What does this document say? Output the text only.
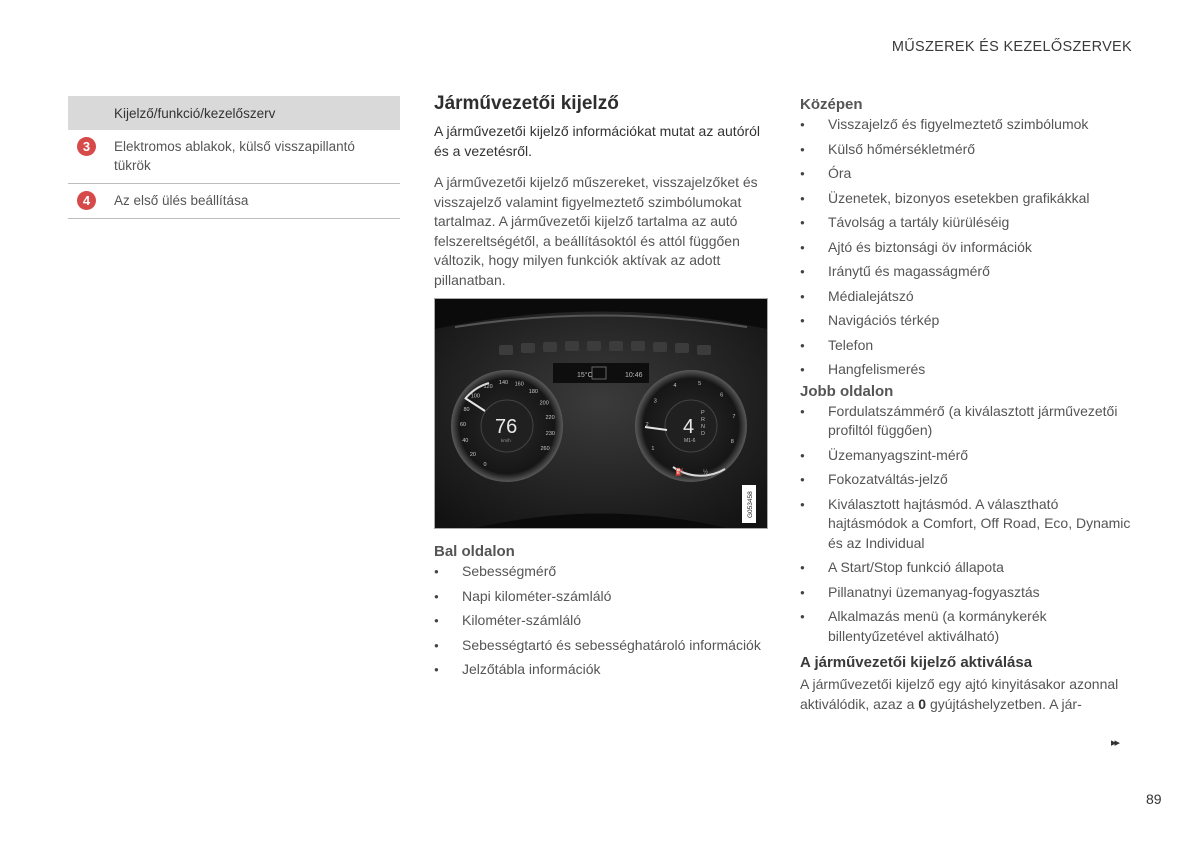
MŰSZEREK ÉS KEZELŐSZERVEK
	Kijelző/funkció/kezelőszerv
3	Elektromos ablakok, külső visszapillantó tükrök
4	Az első ülés beállítása
Járművezetői kijelző

A járművezetői kijelző információkat mutat az autóról és a vezetésről.

A járművezetői kijelző műszereket, visszajelzőket és visszajelző valamint figyelmeztető szimbólumokat tartalmaz. A járművezetői kijelző tartalma az autó felszereltségétől, a beállításoktól és attól függően változik, hogy milyen funkciók aktívak az adott pillanatban.

0
20
40
60
80
100
120
140 160
180
200
220
230
260	1
2
3
4	5
6
7
8
15°C	10:46
76
km/h
4
M1-6
P
R
N
D
½
⛽
G053458
Bal oldalon
● Sebességmérő
● Napi kilométer-számláló
● Kilométer-számláló
● Sebességtartó és sebességhatároló információk
● Jelzőtábla információk
Középen
● Visszajelző és figyelmeztető szimbólumok
● Külső hőmérsékletmérő
● Óra
● Üzenetek, bizonyos esetekben grafikákkal
● Távolság a tartály kiürüléséig
● Ajtó és biztonsági öv információk
● Iránytű és magasságmérő
● Médialejátszó
● Navigációs térkép
● Telefon
● Hangfelismerés
Jobb oldalon
● Fordulatszámmérő (a kiválasztott járművezetői profiltól függően)
● Üzemanyagszint-mérő
● Fokozatváltás-jelző
● Kiválasztott hajtásmód. A választható hajtásmódok a Comfort, Off Road, Eco, Dynamic és az Individual
● A Start/Stop funkció állapota
● Pillanatnyi üzemanyag-fogyasztás
● Alkalmazás menü (a kormánykerék billentyűzetével aktiválható)
A járművezetői kijelző aktiválása

A járművezetői kijelző egy ajtó kinyitásakor azonnal aktiválódik, azaz a 0 gyújtáshelyzetben. A jár-

▸▸
89
